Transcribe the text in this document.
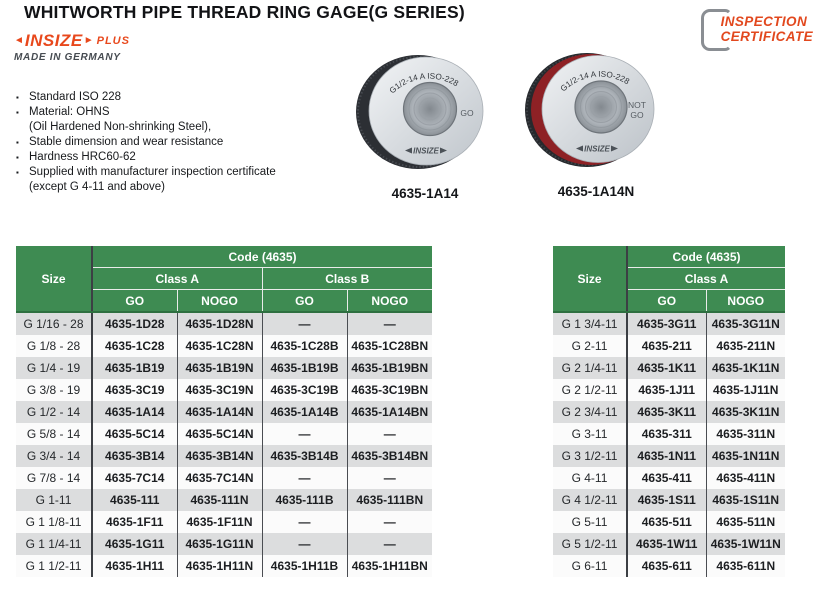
WHITWORTH PIPE THREAD RING GAGE(G SERIES)
◄ INSIZE ► PLUS
MADE IN GERMANY
INSPECTION
CERTIFICATE
▪ Standard ISO 228
▪ Material: OHNS
(Oil Hardened Non-shrinking Steel),
▪ Stable dimension and wear resistance
▪ Hardness HRC60-62
▪ Supplied with manufacturer inspection certificate
(except G 4-11 and above)
G1/2-14 A ISO-228
GO
INSIZE
4635-1A14
G1/2-14 A ISO-228
NOT
GO
INSIZE
4635-1A14N
Size	Code (4635)			
	Class A		Class B	
	GO	NOGO	GO	NOGO
G 1/16 - 28	4635-1D28	4635-1D28N	—	—
G 1/8 - 28	4635-1C28	4635-1C28N	4635-1C28B	4635-1C28BN
G 1/4 - 19	4635-1B19	4635-1B19N	4635-1B19B	4635-1B19BN
G 3/8 - 19	4635-3C19	4635-3C19N	4635-3C19B	4635-3C19BN
G 1/2 - 14	4635-1A14	4635-1A14N	4635-1A14B	4635-1A14BN
G 5/8 - 14	4635-5C14	4635-5C14N	—	—
G 3/4 - 14	4635-3B14	4635-3B14N	4635-3B14B	4635-3B14BN
G 7/8 - 14	4635-7C14	4635-7C14N	—	—
G 1-11	4635-111	4635-111N	4635-111B	4635-111BN
G 1 1/8-11	4635-1F11	4635-1F11N	—	—
G 1 1/4-11	4635-1G11	4635-1G11N	—	—
G 1 1/2-11	4635-1H11	4635-1H11N	4635-1H11B	4635-1H11BN
Size	Code (4635)	
	Class A	
	GO	NOGO
G 1 3/4-11	4635-3G11	4635-3G11N
G 2-11	4635-211	4635-211N
G 2 1/4-11	4635-1K11	4635-1K11N
G 2 1/2-11	4635-1J11	4635-1J11N
G 2 3/4-11	4635-3K11	4635-3K11N
G 3-11	4635-311	4635-311N
G 3 1/2-11	4635-1N11	4635-1N11N
G 4-11	4635-411	4635-411N
G 4 1/2-11	4635-1S11	4635-1S11N
G 5-11	4635-511	4635-511N
G 5 1/2-11	4635-1W11	4635-1W11N
G 6-11	4635-611	4635-611N
